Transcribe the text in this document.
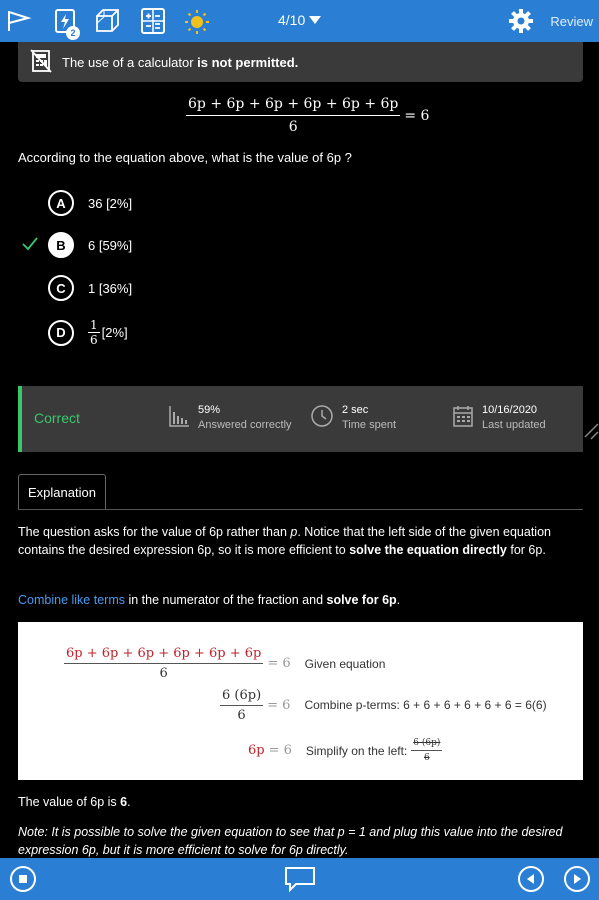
2
4/10	Review
The use of a calculator is not permitted.
$\frac{6p + 6p + 6p + 6p + 6p + 6p}{6} = 6$
According to the equation above, what is the value of 6p ?
A	36 [2%]
B	6 [59%]
C	1 [36%]
D	1
6 [2%]
Correct	59%
Answered correctly
2 sec
Time spent
10/16/2020
Last updated
Explanation
The question asks for the value of 6p rather than p. Notice that the left side of the given equation contains the desired expression 6p, so it is more efficient to solve the equation directly for 6p.
Combine like terms in the numerator of the fraction and solve for 6p.
$\frac{6p + 6p + 6p + 6p + 6p + 6p}{6} = 6$ Given equation
$\frac{6 (6p)}{6} = 6$ Combine p-terms: 6 + 6 + 6 + 6 + 6 + 6 = 6(6)
6p = 6 Simplify on the left:
6 (6p)
6
The value of 6p is 6.
Note: It is possible to solve the given equation to see that p = 1 and plug this value into the desired expression 6p, but it is more efficient to solve for 6p directly.
